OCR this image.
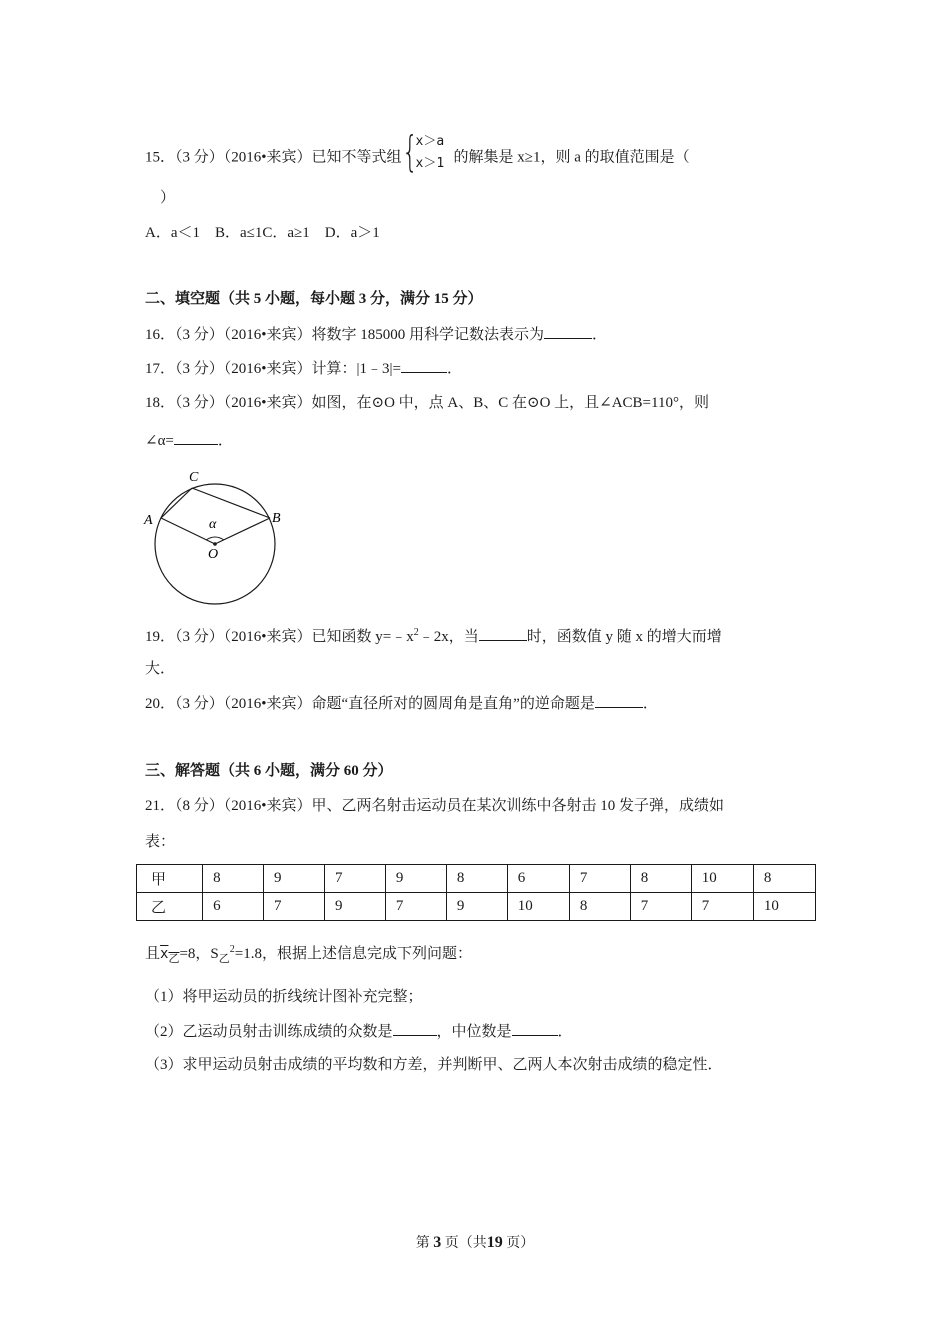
15．（3 分）（2016•来宾）已知不等式组 {
x＞a
x＞1 的解集是 x≥1，则 a 的取值范围是（
）
A．a＜1　B．a≤1C．a≥1　D．a＞1
二、填空题（共 5 小题，每小题 3 分，满分 15 分）
16．（3 分）（2016•来宾）将数字 185000 用科学记数法表示为	．
17．（3 分）（2016•来宾）计算：|1﹣3|=	．
18．（3 分）（2016•来宾）如图，在⊙O 中，点 A、B、C 在⊙O 上，且∠ACB=110°，则
∠α=	．
C
A	B
α
O
19．（3 分）（2016•来宾）已知函数 $y=﹣x^2﹣2x$，当	时，函数值 y 随 x 的增大而增
大．
20．（3 分）（2016•来宾）命题“直径所对的圆周角是直角”的逆命题是	．
三、解答题（共 6 小题，满分 60 分）
21．（8 分）（2016•来宾）甲、乙两名射击运动员在某次训练中各射击 10 发子弹，成绩如
表：
甲	8	9	7	9	8	6	7	8	10	8
乙	6	7	9	7	9	10	8	7	7	10
且$\overline{x}_乙=8$，$S_乙^2=1.8$，根据上述信息完成下列问题：
（1）将甲运动员的折线统计图补充完整；
（2）乙运动员射击训练成绩的众数是	，中位数是	．
（3）求甲运动员射击成绩的平均数和方差，并判断甲、乙两人本次射击成绩的稳定性．
第 3 页（共19 页）
